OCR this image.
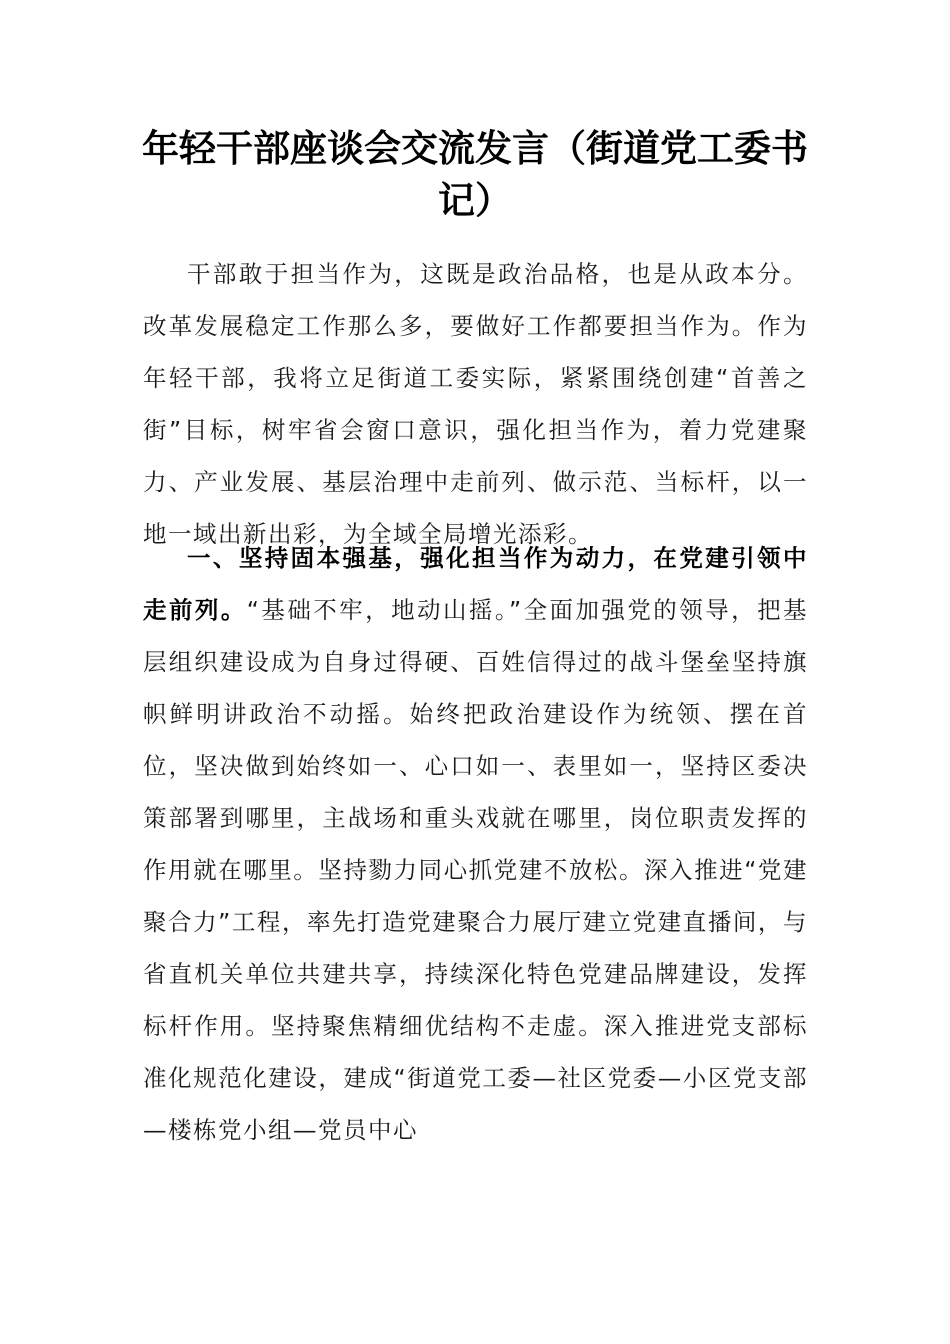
年轻干部座谈会交流发言（街道党工委书记）

干部敢于担当作为，这既是政治品格，也是从政本分。改革发展稳定工作那么多，要做好工作都要担当作为。作为年轻干部，我将立足街道工委实际，紧紧围绕创建“首善之街”目标，树牢省会窗口意识，强化担当作为，着力党建聚力、产业发展、基层治理中走前列、做示范、当标杆，以一地一域出新出彩，为全域全局增光添彩。

一、坚持固本强基，强化担当作为动力，在党建引领中走前列。“基础不牢，地动山摇。”全面加强党的领导，把基层组织建设成为自身过得硬、百姓信得过的战斗堡垒坚持旗帜鲜明讲政治不动摇。始终把政治建设作为统领、摆在首位，坚决做到始终如一、心口如一、表里如一，坚持区委决策部署到哪里，主战场和重头戏就在哪里，岗位职责发挥的作用就在哪里。坚持勠力同心抓党建不放松。深入推进“党建聚合力”工程，率先打造党建聚合力展厅建立党建直播间，与省直机关单位共建共享，持续深化特色党建品牌建设，发挥标杆作用。坚持聚焦精细优结构不走虚。深入推进党支部标准化规范化建设，建成“街道党工委—社区党委—小区党支部—楼栋党小组—党员中心
